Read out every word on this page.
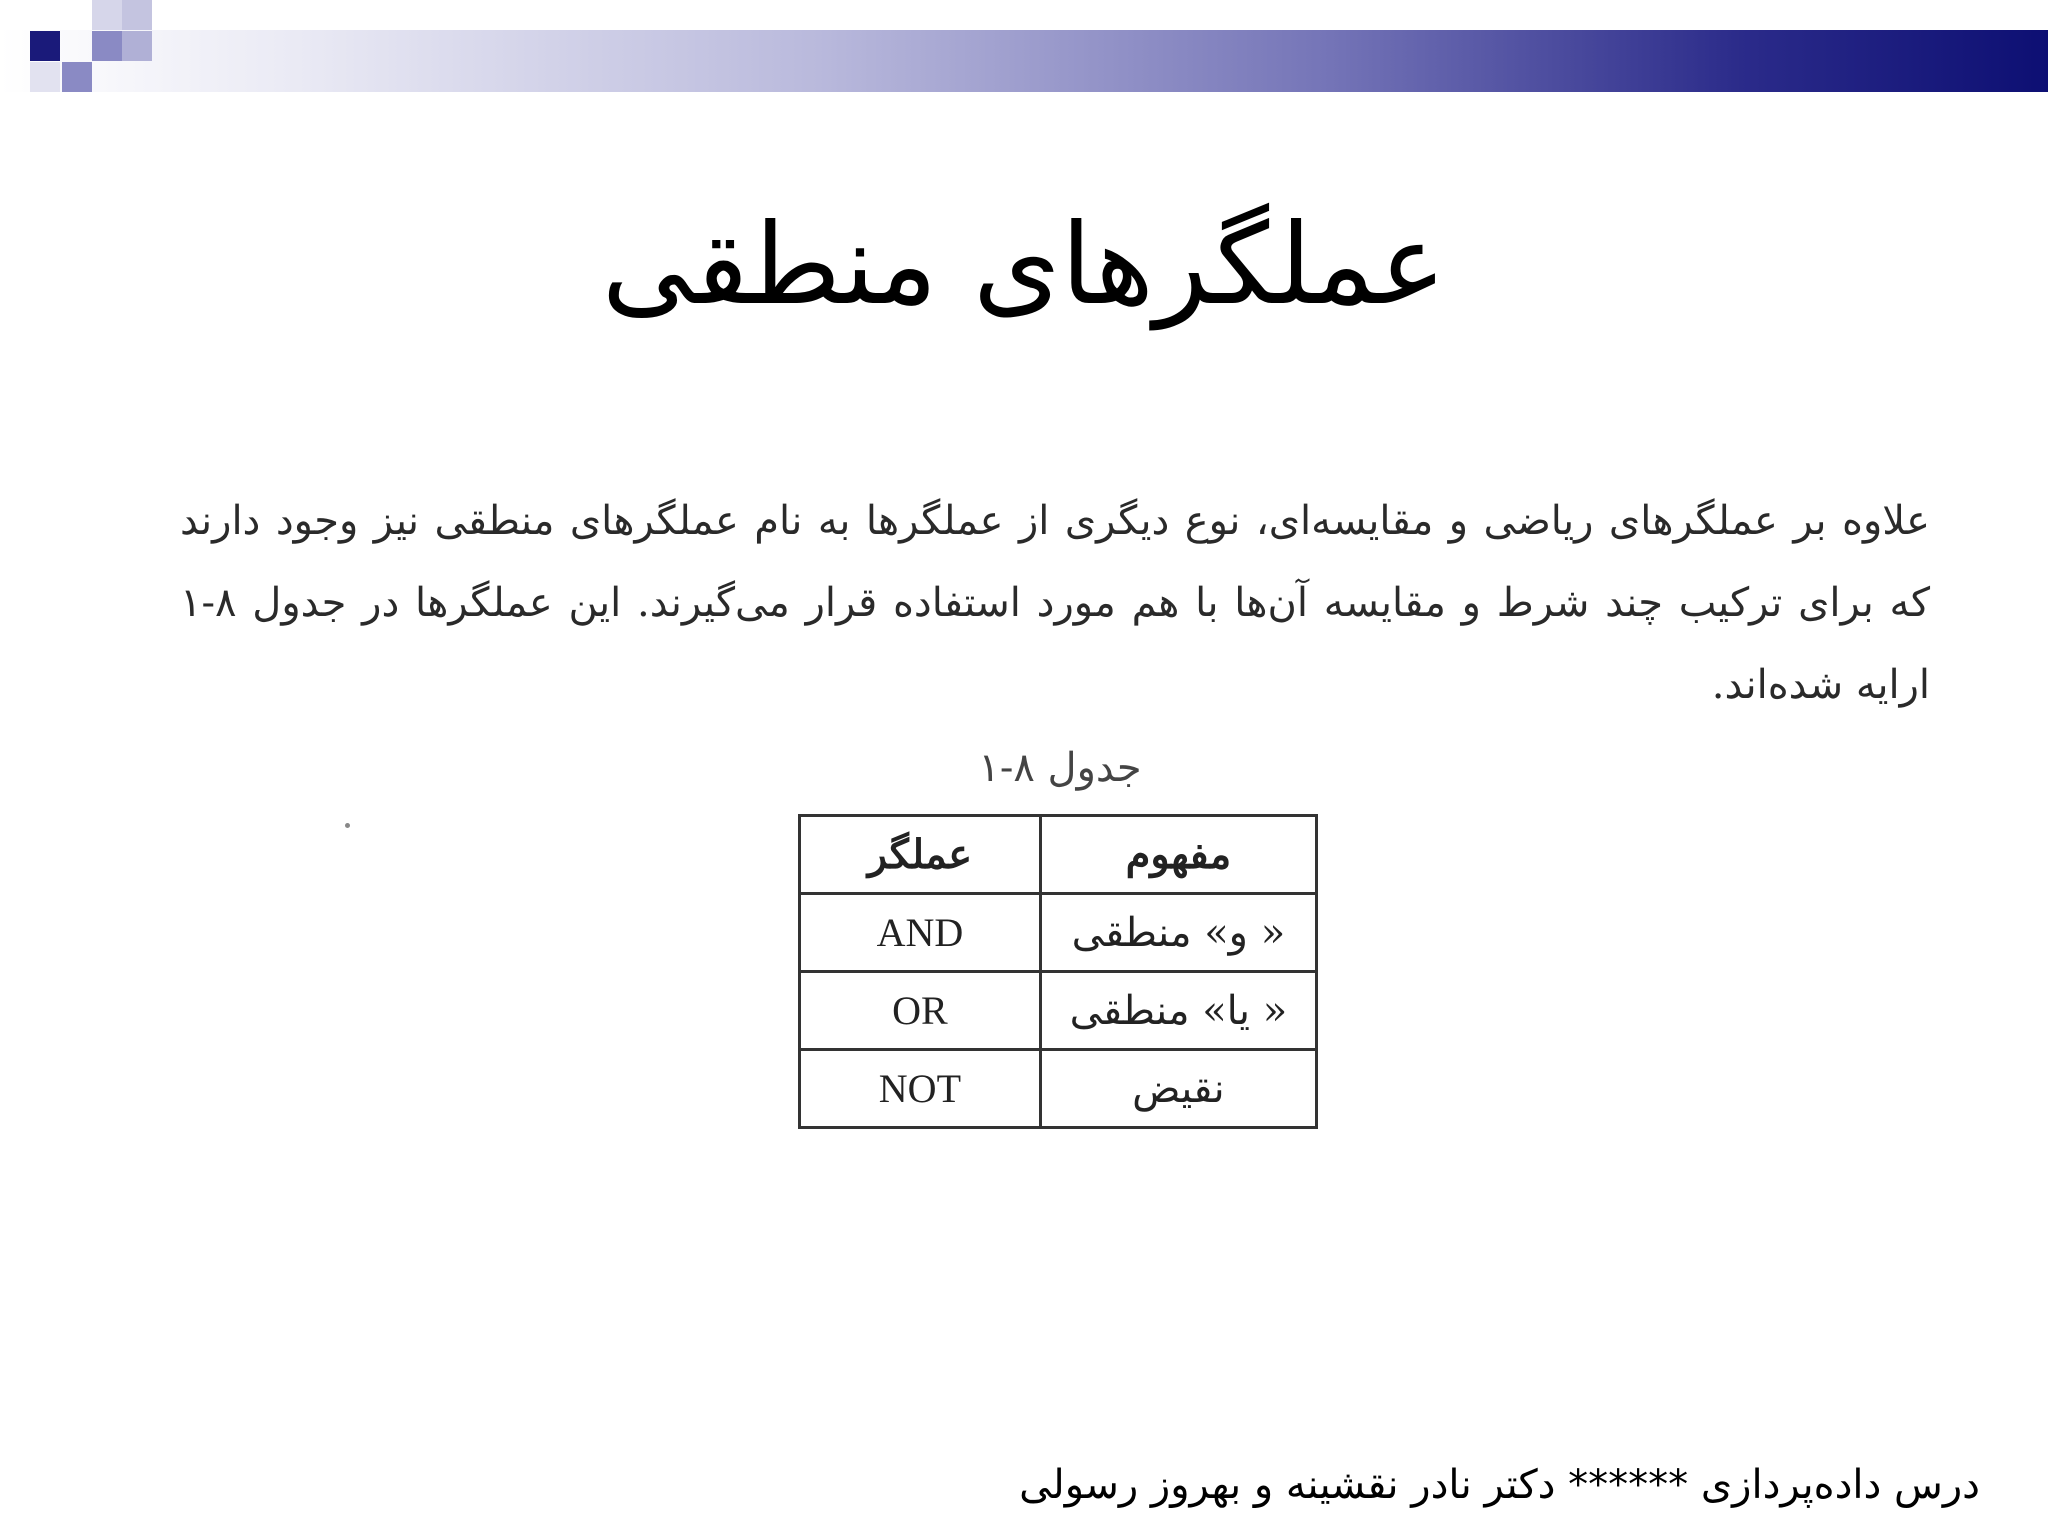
عملگرهای منطقی
علاوه بر عملگرهای ریاضی و مقایسه‌ای، نوع دیگری از عملگرها به نام عملگرهای منطقی نیز وجود دارند که برای ترکیب چند شرط و مقایسه آن‌ها با هم مورد استفاده قرار می‌گیرند. این عملگرها در جدول ۸-۱ ارایه شده‌اند.
جدول ۸-۱
مفهوم	عملگر
« و» منطقی	AND
« یا» منطقی	OR
نقیض	NOT
درس داده‌پردازی ****** دکتر نادر نقشینه و بهروز رسولی
